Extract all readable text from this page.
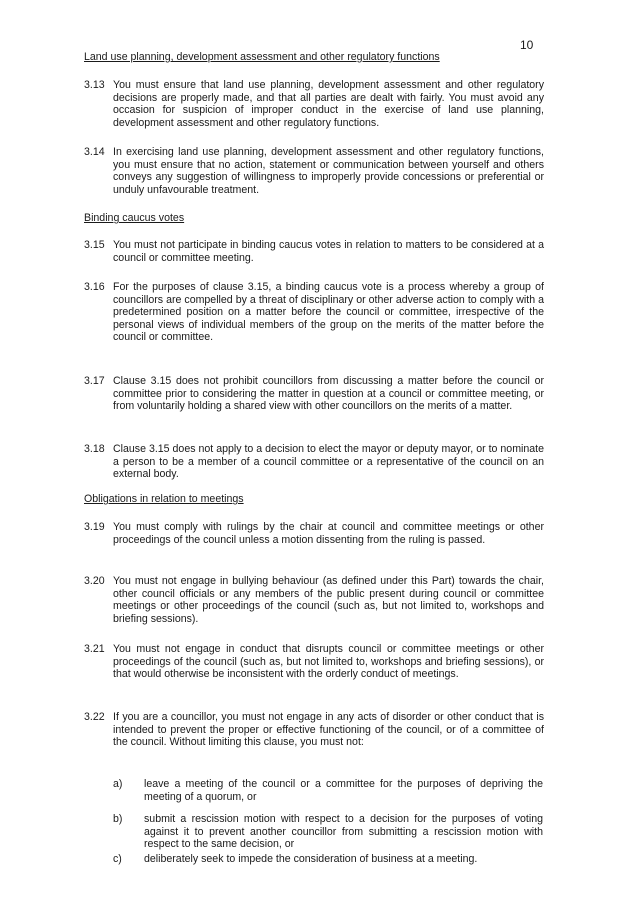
10
Land use planning, development assessment and other regulatory functions
3.13 You must ensure that land use planning, development assessment and other regulatory decisions are properly made, and that all parties are dealt with fairly. You must avoid any occasion for suspicion of improper conduct in the exercise of land use planning, development assessment and other regulatory functions.
3.14 In exercising land use planning, development assessment and other regulatory functions, you must ensure that no action, statement or communication between yourself and others conveys any suggestion of willingness to improperly provide concessions or preferential or unduly unfavourable treatment.
Binding caucus votes
3.15 You must not participate in binding caucus votes in relation to matters to be considered at a council or committee meeting.
3.16 For the purposes of clause 3.15, a binding caucus vote is a process whereby a group of councillors are compelled by a threat of disciplinary or other adverse action to comply with a predetermined position on a matter before the council or committee, irrespective of the personal views of individual members of the group on the merits of the matter before the council or committee.
3.17 Clause 3.15 does not prohibit councillors from discussing a matter before the council or committee prior to considering the matter in question at a council or committee meeting, or from voluntarily holding a shared view with other councillors on the merits of a matter.
3.18 Clause 3.15 does not apply to a decision to elect the mayor or deputy mayor, or to nominate a person to be a member of a council committee or a representative of the council on an external body.
Obligations in relation to meetings
3.19 You must comply with rulings by the chair at council and committee meetings or other proceedings of the council unless a motion dissenting from the ruling is passed.
3.20 You must not engage in bullying behaviour (as defined under this Part) towards the chair, other council officials or any members of the public present during council or committee meetings or other proceedings of the council (such as, but not limited to, workshops and briefing sessions).
3.21 You must not engage in conduct that disrupts council or committee meetings or other proceedings of the council (such as, but not limited to, workshops and briefing sessions), or that would otherwise be inconsistent with the orderly conduct of meetings.
3.22 If you are a councillor, you must not engage in any acts of disorder or other conduct that is intended to prevent the proper or effective functioning of the council, or of a committee of the council. Without limiting this clause, you must not:
a) leave a meeting of the council or a committee for the purposes of depriving the meeting of a quorum, or
b) submit a rescission motion with respect to a decision for the purposes of voting against it to prevent another councillor from submitting a rescission motion with respect to the same decision, or
c) deliberately seek to impede the consideration of business at a meeting.
